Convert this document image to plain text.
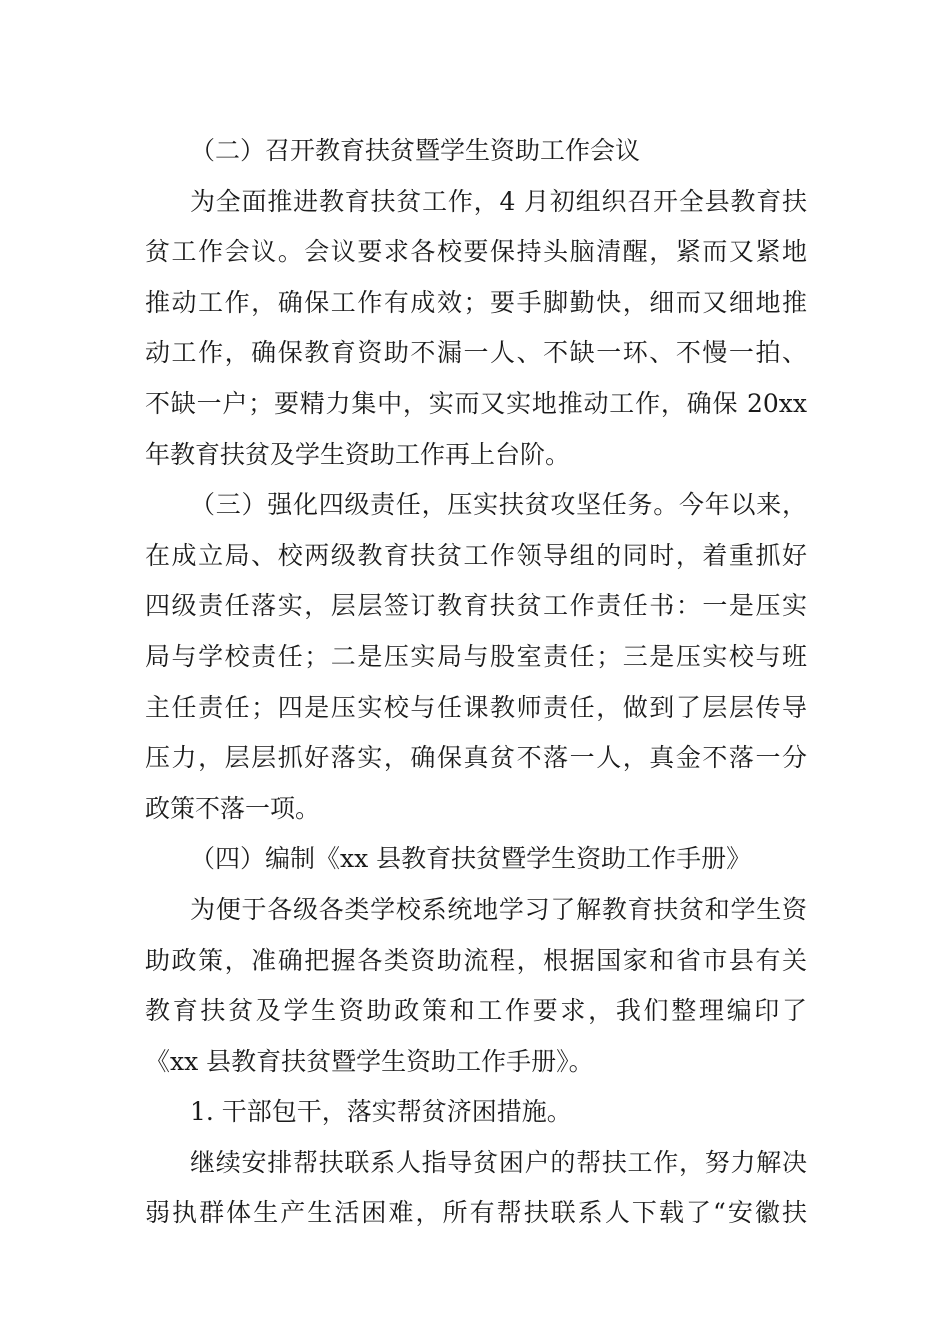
（二）召开教育扶贫暨学生资助工作会议
为全面推进教育扶贫工作，4 月初组织召开全县教育扶
贫工作会议。会议要求各校要保持头脑清醒，紧而又紧地
推动工作，确保工作有成效；要手脚勤快，细而又细地推
动工作，确保教育资助不漏一人、不缺一环、不慢一拍、
不缺一户；要精力集中，实而又实地推动工作，确保 20xx
年教育扶贫及学生资助工作再上台阶。
（三）强化四级责任，压实扶贫攻坚任务。今年以来，
在成立局、校两级教育扶贫工作领导组的同时，着重抓好
四级责任落实，层层签订教育扶贫工作责任书：一是压实
局与学校责任；二是压实局与股室责任；三是压实校与班
主任责任；四是压实校与任课教师责任，做到了层层传导
压力，层层抓好落实，确保真贫不落一人，真金不落一分
政策不落一项。
（四）编制《xx 县教育扶贫暨学生资助工作手册》
为便于各级各类学校系统地学习了解教育扶贫和学生资
助政策，准确把握各类资助流程，根据国家和省市县有关
教育扶贫及学生资助政策和工作要求，我们整理编印了
《xx 县教育扶贫暨学生资助工作手册》。
1. 干部包干，落实帮贫济困措施。
继续安排帮扶联系人指导贫困户的帮扶工作，努力解决
弱执群体生产生活困难，所有帮扶联系人下载了“安徽扶
